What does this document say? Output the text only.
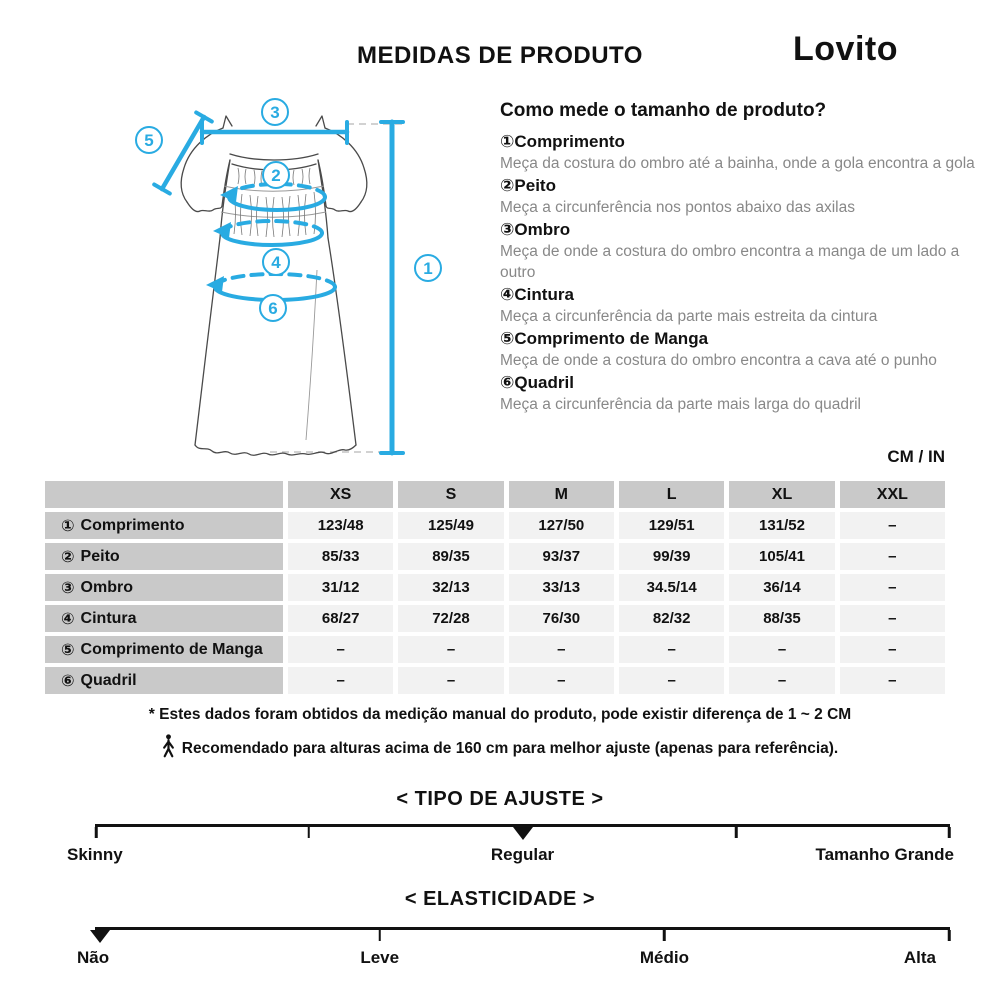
MEDIDAS DE PRODUTO	Lovito
1
2
3
4
5
6
Como mede o tamanho de produto?
①Comprimento
Meça da costura do ombro até a bainha, onde a gola encontra a gola
②Peito
Meça a circunferência nos pontos abaixo das axilas
③Ombro
Meça de onde a costura do ombro encontra a manga de um lado a outro
④Cintura
Meça a circunferência da parte mais estreita da cintura
⑤Comprimento de Manga
Meça de onde a costura do ombro encontra a cava até o punho
⑥Quadril
Meça a circunferência da parte mais larga do quadril
CM / IN
XS	S	M	L	XL	XXL
① Comprimento	123/48	125/49	127/50	129/51	131/52	–
② Peito	85/33	89/35	93/37	99/39	105/41	–
③ Ombro	31/12	32/13	33/13	34.5/14	36/14	–
④ Cintura	68/27	72/28	76/30	82/32	88/35	–
⑤ Comprimento de Manga	–	–	–	–	–	–
⑥ Quadril	–	–	–	–	–	–
* Estes dados foram obtidos da medição manual do produto, pode existir diferença de 1 ~ 2 CM
Recomendado para alturas acima de 160 cm para melhor ajuste (apenas para referência).
< TIPO DE AJUSTE >
Skinny	Regular	Tamanho Grande
< ELASTICIDADE >
Não	Leve	Médio	Alta
